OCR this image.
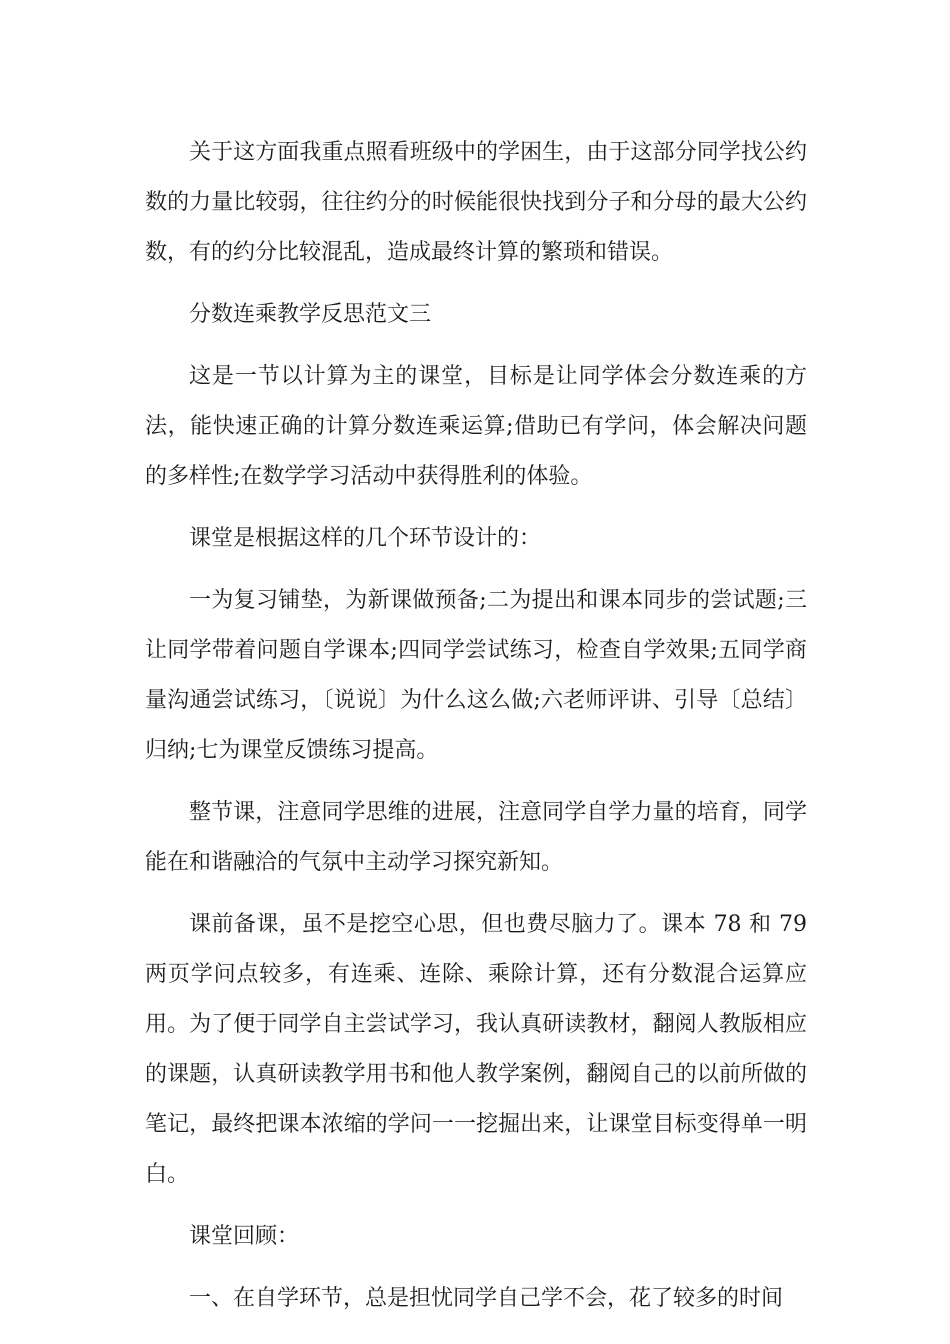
关于这方面我重点照看班级中的学困生，由于这部分同学找公约数的力量比较弱，往往约分的时候能很快找到分子和分母的最大公约数，有的约分比较混乱，造成最终计算的繁琐和错误。

分数连乘教学反思范文三

这是一节以计算为主的课堂，目标是让同学体会分数连乘的方法，能快速正确的计算分数连乘运算;借助已有学问，体会解决问题的多样性;在数学学习活动中获得胜利的体验。

课堂是根据这样的几个环节设计的：

一为复习铺垫，为新课做预备;二为提出和课本同步的尝试题;三让同学带着问题自学课本;四同学尝试练习，检查自学效果;五同学商量沟通尝试练习，〔说说〕为什么这么做;六老师评讲、引导〔总结〕归纳;七为课堂反馈练习提高。

整节课，注意同学思维的进展，注意同学自学力量的培育，同学能在和谐融洽的气氛中主动学习探究新知。

课前备课，虽不是挖空心思，但也费尽脑力了。课本 78 和 79 两页学问点较多，有连乘、连除、乘除计算，还有分数混合运算应用。为了便于同学自主尝试学习，我认真研读教材，翻阅人教版相应的课题，认真研读教学用书和他人教学案例，翻阅自己的以前所做的笔记，最终把课本浓缩的学问一一挖掘出来，让课堂目标变得单一明白。

课堂回顾：

一、在自学环节，总是担忧同学自己学不会，花了较多的时间
